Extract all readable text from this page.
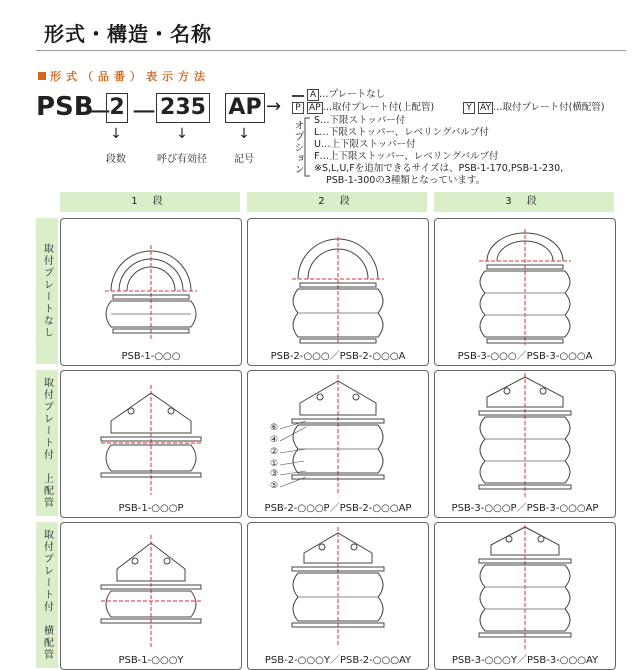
形式・構造・名称
形式（品番）表示方法
PSB
－
2 － 235 AP →
↓	↓	↓
段数	呼び有効径	記号
A …プレートなし
P AP …取付プレート付(上配管)	Y AY …取付プレート付(横配管)
オプション S…下限ストッパー付
L…下限ストッパー、レベリングバルブ付
U…上下限ストッパー付
F…上下限ストッパー、レベリングバルブ付
※S,L,U,Fを追加できるサイズは、PSB-1-170,PSB-1-230,
PSB-1-300の3種類となっています。
1 段	2 段	3 段
取付プレートなし
取付プレート付　上配管
取付プレート付　横配管
PSB-1-○○○	PSB-2-○○○／PSB-2-○○○A	PSB-3-○○○／PSB-3-○○○A
PSB-1-○○○P
⑥
④
②
①
③
⑤
PSB-2-○○○P／PSB-2-○○○AP	PSB-3-○○○P／PSB-3-○○○AP
PSB-1-○○○Y	PSB-2-○○○Y／PSB-2-○○○AY	PSB-3-○○○Y／PSB-3-○○○AY
